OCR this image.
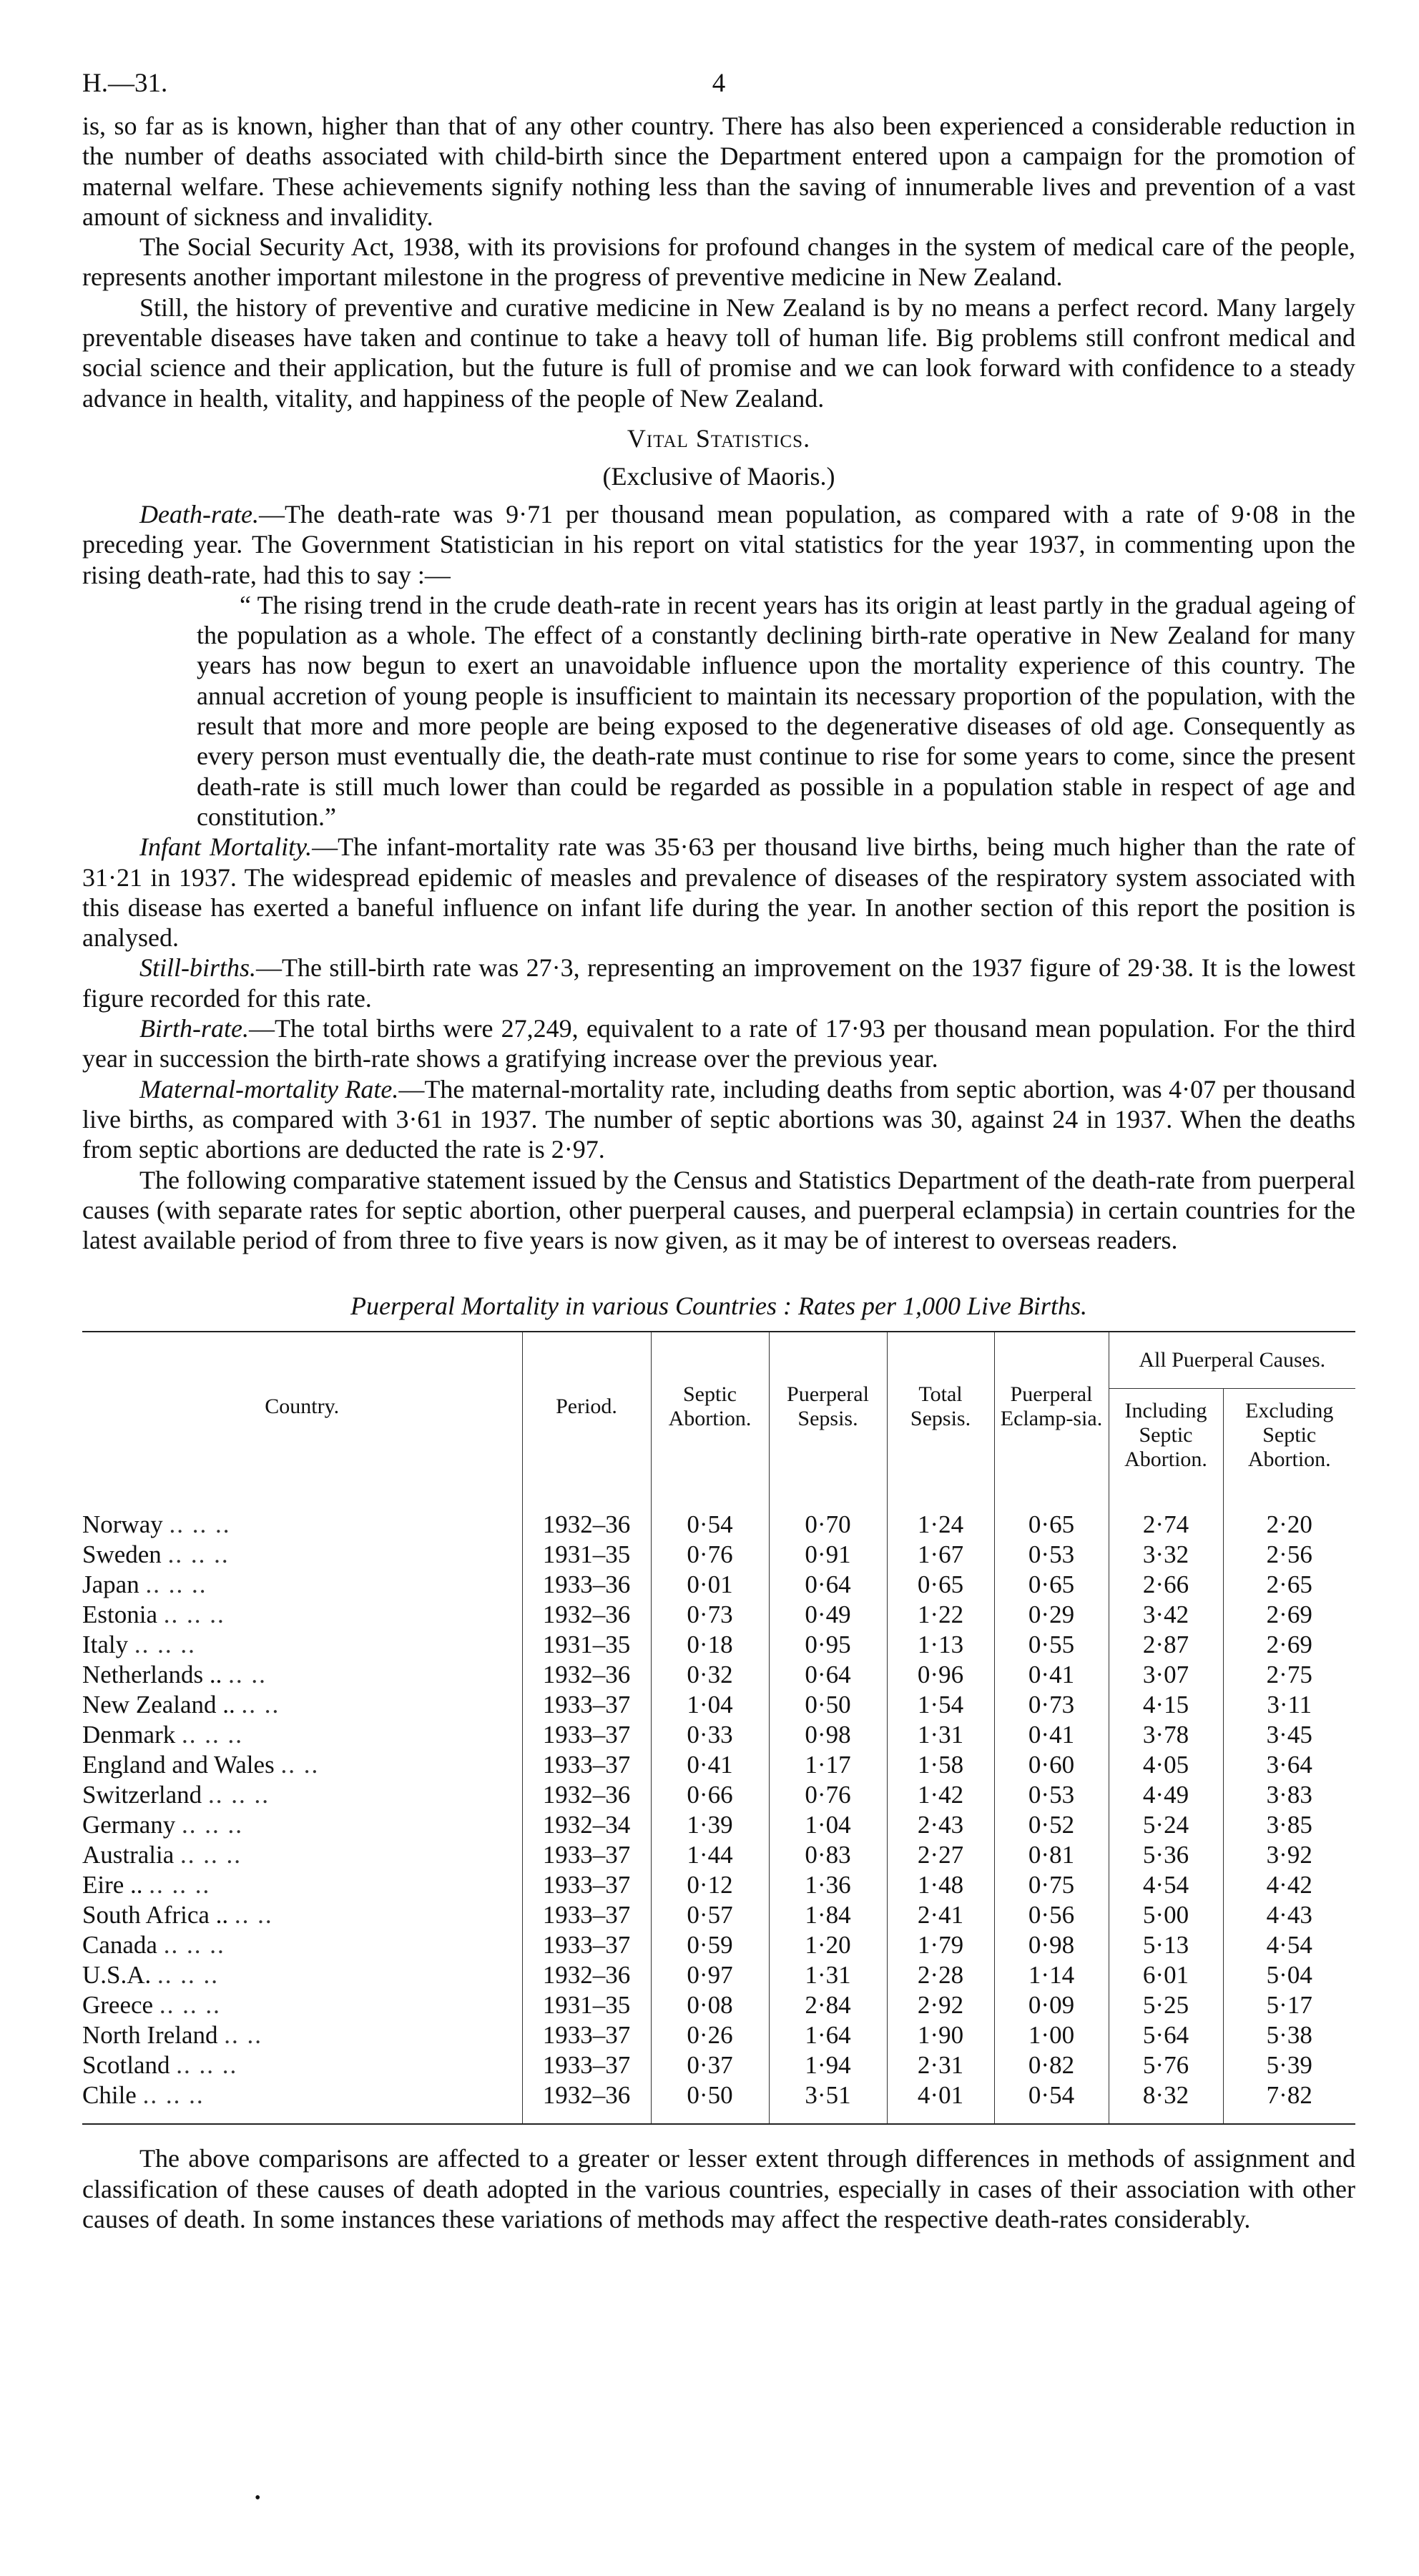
H.—31.	4

is, so far as is known, higher than that of any other country. There has also been experienced a considerable reduction in the number of deaths associated with child-birth since the Department entered upon a campaign for the promotion of maternal welfare. These achievements signify nothing less than the saving of innumerable lives and prevention of a vast amount of sickness and invalidity.

The Social Security Act, 1938, with its provisions for profound changes in the system of medical care of the people, represents another important milestone in the progress of preventive medicine in New Zealand.

Still, the history of preventive and curative medicine in New Zealand is by no means a perfect record. Many largely preventable diseases have taken and continue to take a heavy toll of human life. Big problems still confront medical and social science and their application, but the future is full of promise and we can look forward with confidence to a steady advance in health, vitality, and happiness of the people of New Zealand.

Vital Statistics.
(Exclusive of Maoris.)

Death-rate.—The death-rate was 9·71 per thousand mean population, as compared with a rate of 9·08 in the preceding year. The Government Statistician in his report on vital statistics for the year 1937, in commenting upon the rising death-rate, had this to say :—

“ The rising trend in the crude death-rate in recent years has its origin at least partly in the gradual ageing of the population as a whole. The effect of a constantly declining birth-rate operative in New Zealand for many years has now begun to exert an unavoidable influence upon the mortality experience of this country. The annual accretion of young people is insufficient to maintain its necessary proportion of the population, with the result that more and more people are being exposed to the degenerative diseases of old age. Consequently as every person must eventually die, the death-rate must continue to rise for some years to come, since the present death-rate is still much lower than could be regarded as possible in a population stable in respect of age and constitution.”

Infant Mortality.—The infant-mortality rate was 35·63 per thousand live births, being much higher than the rate of 31·21 in 1937. The widespread epidemic of measles and prevalence of diseases of the respiratory system associated with this disease has exerted a baneful influence on infant life during the year. In another section of this report the position is analysed.

Still-births.—The still-birth rate was 27·3, representing an improvement on the 1937 figure of 29·38. It is the lowest figure recorded for this rate.

Birth-rate.—The total births were 27,249, equivalent to a rate of 17·93 per thousand mean population. For the third year in succession the birth-rate shows a gratifying increase over the previous year.

Maternal-mortality Rate.—The maternal-mortality rate, including deaths from septic abortion, was 4·07 per thousand live births, as compared with 3·61 in 1937. The number of septic abortions was 30, against 24 in 1937. When the deaths from septic abortions are deducted the rate is 2·97.

The following comparative statement issued by the Census and Statistics Department of the death-rate from puerperal causes (with separate rates for septic abortion, other puerperal causes, and puerperal eclampsia) in certain countries for the latest available period of from three to five years is now given, as it may be of interest to overseas readers.

Puerperal Mortality in various Countries : Rates per 1,000 Live Births.
Country.	Period.	Septic Abortion.	Puerperal Sepsis.	Total Sepsis.	Puerperal Eclamp-sia.	All Puerperal Causes.	
						Including Septic Abortion.	Excluding Septic Abortion.

Norway .. .. ..	1932–36	0·54	0·70	1·24	0·65	2·74	2·20
Sweden .. .. ..	1931–35	0·76	0·91	1·67	0·53	3·32	2·56
Japan .. .. ..	1933–36	0·01	0·64	0·65	0·65	2·66	2·65
Estonia .. .. ..	1932–36	0·73	0·49	1·22	0·29	3·42	2·69
Italy .. .. ..	1931–35	0·18	0·95	1·13	0·55	2·87	2·69
Netherlands .. .. ..	1932–36	0·32	0·64	0·96	0·41	3·07	2·75
New Zealand .. .. ..	1933–37	1·04	0·50	1·54	0·73	4·15	3·11
Denmark .. .. ..	1933–37	0·33	0·98	1·31	0·41	3·78	3·45
England and Wales .. ..	1933–37	0·41	1·17	1·58	0·60	4·05	3·64
Switzerland .. .. ..	1932–36	0·66	0·76	1·42	0·53	4·49	3·83
Germany .. .. ..	1932–34	1·39	1·04	2·43	0·52	5·24	3·85
Australia .. .. ..	1933–37	1·44	0·83	2·27	0·81	5·36	3·92
Eire .. .. .. ..	1933–37	0·12	1·36	1·48	0·75	4·54	4·42
South Africa .. .. ..	1933–37	0·57	1·84	2·41	0·56	5·00	4·43
Canada .. .. ..	1933–37	0·59	1·20	1·79	0·98	5·13	4·54
U.S.A. .. .. ..	1932–36	0·97	1·31	2·28	1·14	6·01	5·04
Greece .. .. ..	1931–35	0·08	2·84	2·92	0·09	5·25	5·17
North Ireland .. ..	1933–37	0·26	1·64	1·90	1·00	5·64	5·38
Scotland .. .. ..	1933–37	0·37	1·94	2·31	0·82	5·76	5·39
Chile .. .. ..	1932–36	0·50	3·51	4·01	0·54	8·32	7·82

The above comparisons are affected to a greater or lesser extent through differences in methods of assignment and classification of these causes of death adopted in the various countries, especially in cases of their association with other causes of death. In some instances these variations of methods may affect the respective death-rates considerably.

•
